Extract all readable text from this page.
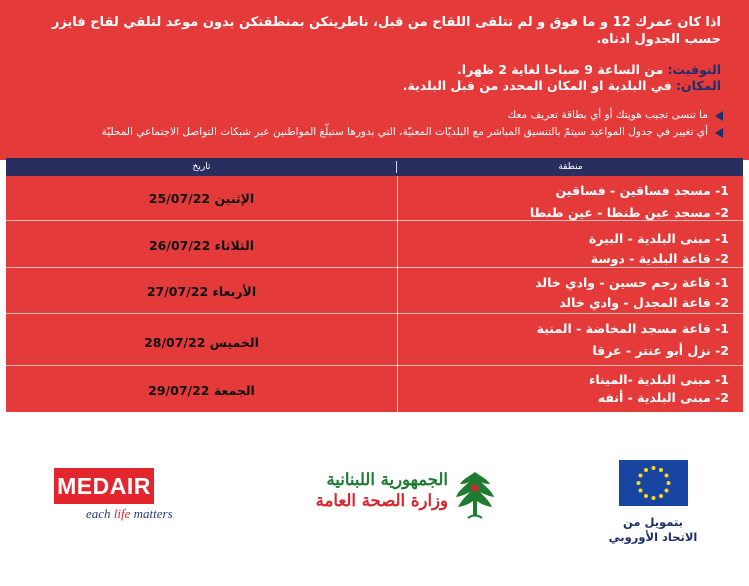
اذا كان عمرك 12 و ما فوق و لم تتلقى اللقاح من قبل، ناطرينكن بمنطقتكن بدون موعد لتلقي لقاح فايزر
حسب الجدول ادناه.
التوقيت: من الساعة 9 صباحا لغاية 2 ظهرا.
المكان: في البلدية او المكان المحدد من قبل البلدية.
ما تنسى تجيب هويتك أو أي بطاقة تعريف معك
أي تغيير في جدول المواعيد سيتمّ بالتنسيق المباشر مع البلديّات المعنيّة، التي بدورها ستبلّغ المواطنين عبر شبكات التواصل الاجتماعي المحليّة
تاريخ	منطقة
الإثنين 25/07/22
1- مسجد فساقين - فساقين
2- مسجد عين طنطا - عين طنطا
الثلاثاء 26/07/22	1- مبنى البلدية - البيرة
2- قاعة البلدية - دوسة
الأربعاء 27/07/22
1- قاعة رجم حسين - وادي خالد
2- قاعة المجدل - وادي خالد
الخميس 28/07/22
1- قاعة مسجد المخاضة - المنية
2- نزل أبو عنتر - عرقا
الجمعة 29/07/22
1- مبنى البلدية -الميناء
2- مبنى البلدية - أنفه
MEDAIR
each life matters
الجمهورية اللبنانية
وزارة الصحة العامة
بتمويل من
الاتحاد الأوروبي
